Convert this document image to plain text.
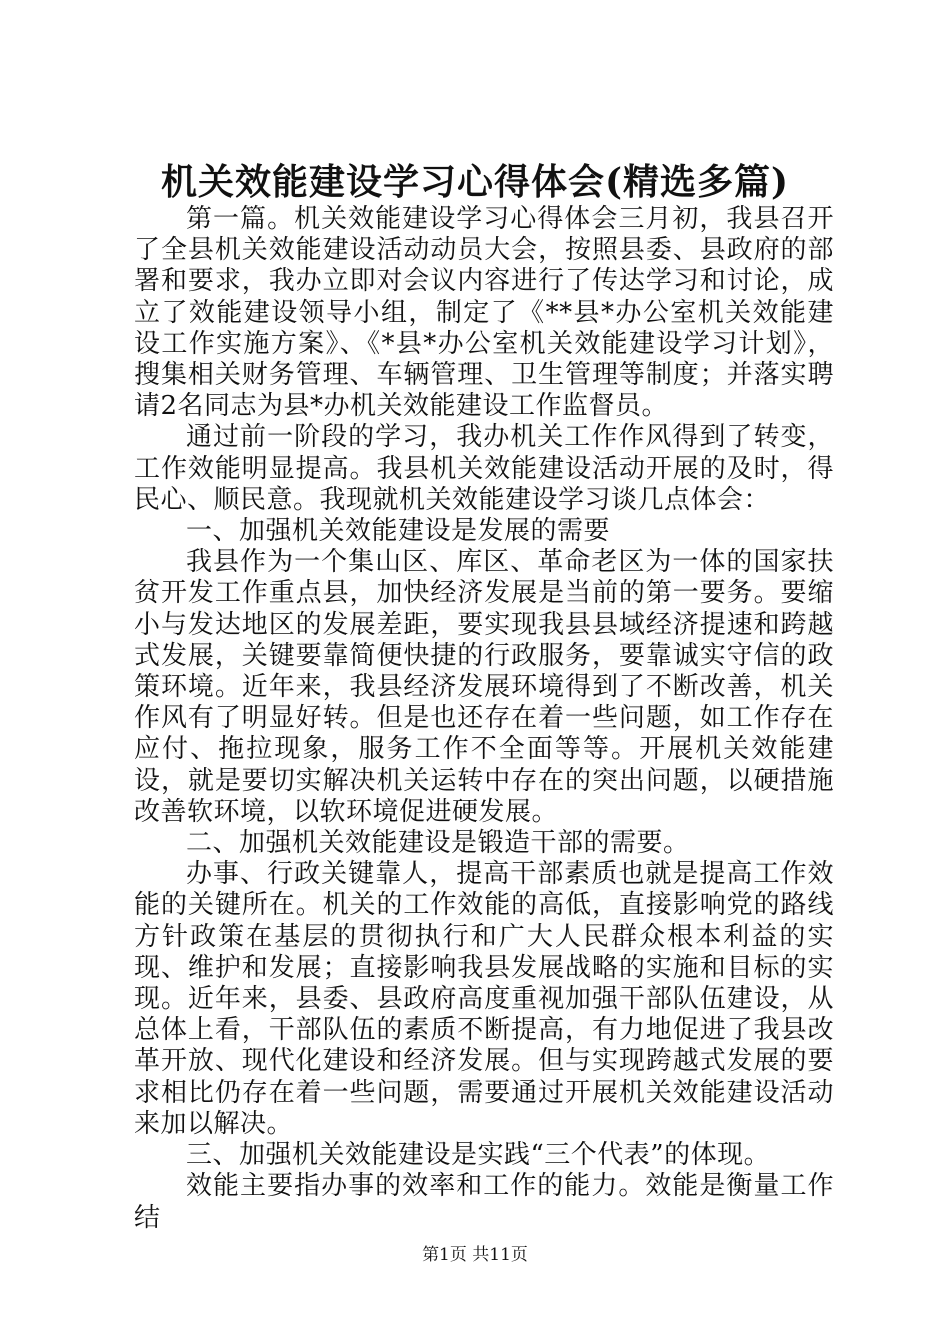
机关效能建设学习心得体会(精选多篇)

第一篇。机关效能建设学习心得体会三月初，我县召开了全县机关效能建设活动动员大会，按照县委、县政府的部署和要求，我办立即对会议内容进行了传达学习和讨论，成立了效能建设领导小组，制定了《**县*办公室机关效能建设工作实施方案》、《*县*办公室机关效能建设学习计划》，搜集相关财务管理、车辆管理、卫生管理等制度；并落实聘请2名同志为县*办机关效能建设工作监督员。

通过前一阶段的学习，我办机关工作作风得到了转变，工作效能明显提高。我县机关效能建设活动开展的及时，得民心、顺民意。我现就机关效能建设学习谈几点体会：

一、加强机关效能建设是发展的需要

我县作为一个集山区、库区、革命老区为一体的国家扶贫开发工作重点县，加快经济发展是当前的第一要务。要缩小与发达地区的发展差距，要实现我县县域经济提速和跨越式发展，关键要靠简便快捷的行政服务，要靠诚实守信的政策环境。近年来，我县经济发展环境得到了不断改善，机关作风有了明显好转。但是也还存在着一些问题，如工作存在应付、拖拉现象，服务工作不全面等等。开展机关效能建设，就是要切实解决机关运转中存在的突出问题，以硬措施改善软环境，以软环境促进硬发展。

二、加强机关效能建设是锻造干部的需要。

办事、行政关键靠人，提高干部素质也就是提高工作效能的关键所在。机关的工作效能的高低，直接影响党的路线方针政策在基层的贯彻执行和广大人民群众根本利益的实现、维护和发展；直接影响我县发展战略的实施和目标的实现。近年来，县委、县政府高度重视加强干部队伍建设，从总体上看，干部队伍的素质不断提高，有力地促进了我县改革开放、现代化建设和经济发展。但与实现跨越式发展的要求相比仍存在着一些问题，需要通过开展机关效能建设活动来加以解决。

三、加强机关效能建设是实践“三个代表”的体现。

效能主要指办事的效率和工作的能力。效能是衡量工作结

第1页 共11页
